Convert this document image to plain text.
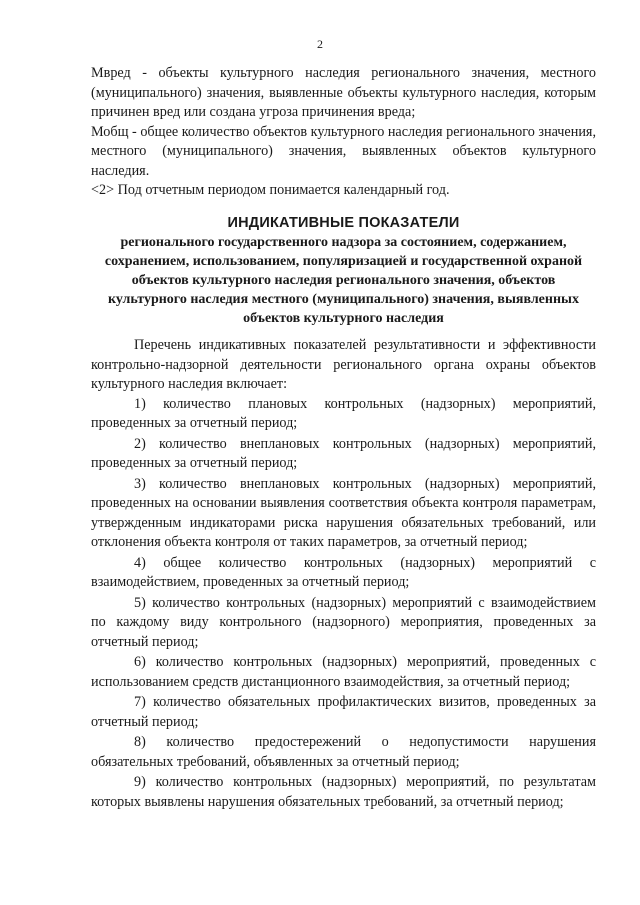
2

Мвред - объекты культурного наследия регионального значения, местного (муниципального) значения, выявленные объекты культурного наследия, которым причинен вред или создана угроза причинения вреда;

Мобщ - общее количество объектов культурного наследия регионального значения, местного (муниципального) значения, выявленных объектов культурного наследия.

<2> Под отчетным периодом понимается календарный год.

ИНДИКАТИВНЫЕ ПОКАЗАТЕЛИ

регионального государственного надзора за состоянием, содержанием, сохранением, использованием, популяризацией и государственной охраной объектов культурного наследия регионального значения, объектов культурного наследия местного (муниципального) значения, выявленных объектов культурного наследия

Перечень индикативных показателей результативности и эффективности контрольно-надзорной деятельности регионального органа охраны объектов культурного наследия включает:

1) количество плановых контрольных (надзорных) мероприятий, проведенных за отчетный период;

2) количество внеплановых контрольных (надзорных) мероприятий, проведенных за отчетный период;

3) количество внеплановых контрольных (надзорных) мероприятий, проведенных на основании выявления соответствия объекта контроля параметрам, утвержденным индикаторами риска нарушения обязательных требований, или отклонения объекта контроля от таких параметров, за отчетный период;

4) общее количество контрольных (надзорных) мероприятий с взаимодействием, проведенных за отчетный период;

5) количество контрольных (надзорных) мероприятий с взаимодействием по каждому виду контрольного (надзорного) мероприятия, проведенных за отчетный период;

6) количество контрольных (надзорных) мероприятий, проведенных с использованием средств дистанционного взаимодействия, за отчетный период;

7) количество обязательных профилактических визитов, проведенных за отчетный период;

8) количество предостережений о недопустимости нарушения обязательных требований, объявленных за отчетный период;

9) количество контрольных (надзорных) мероприятий, по результатам которых выявлены нарушения обязательных требований, за отчетный период;
